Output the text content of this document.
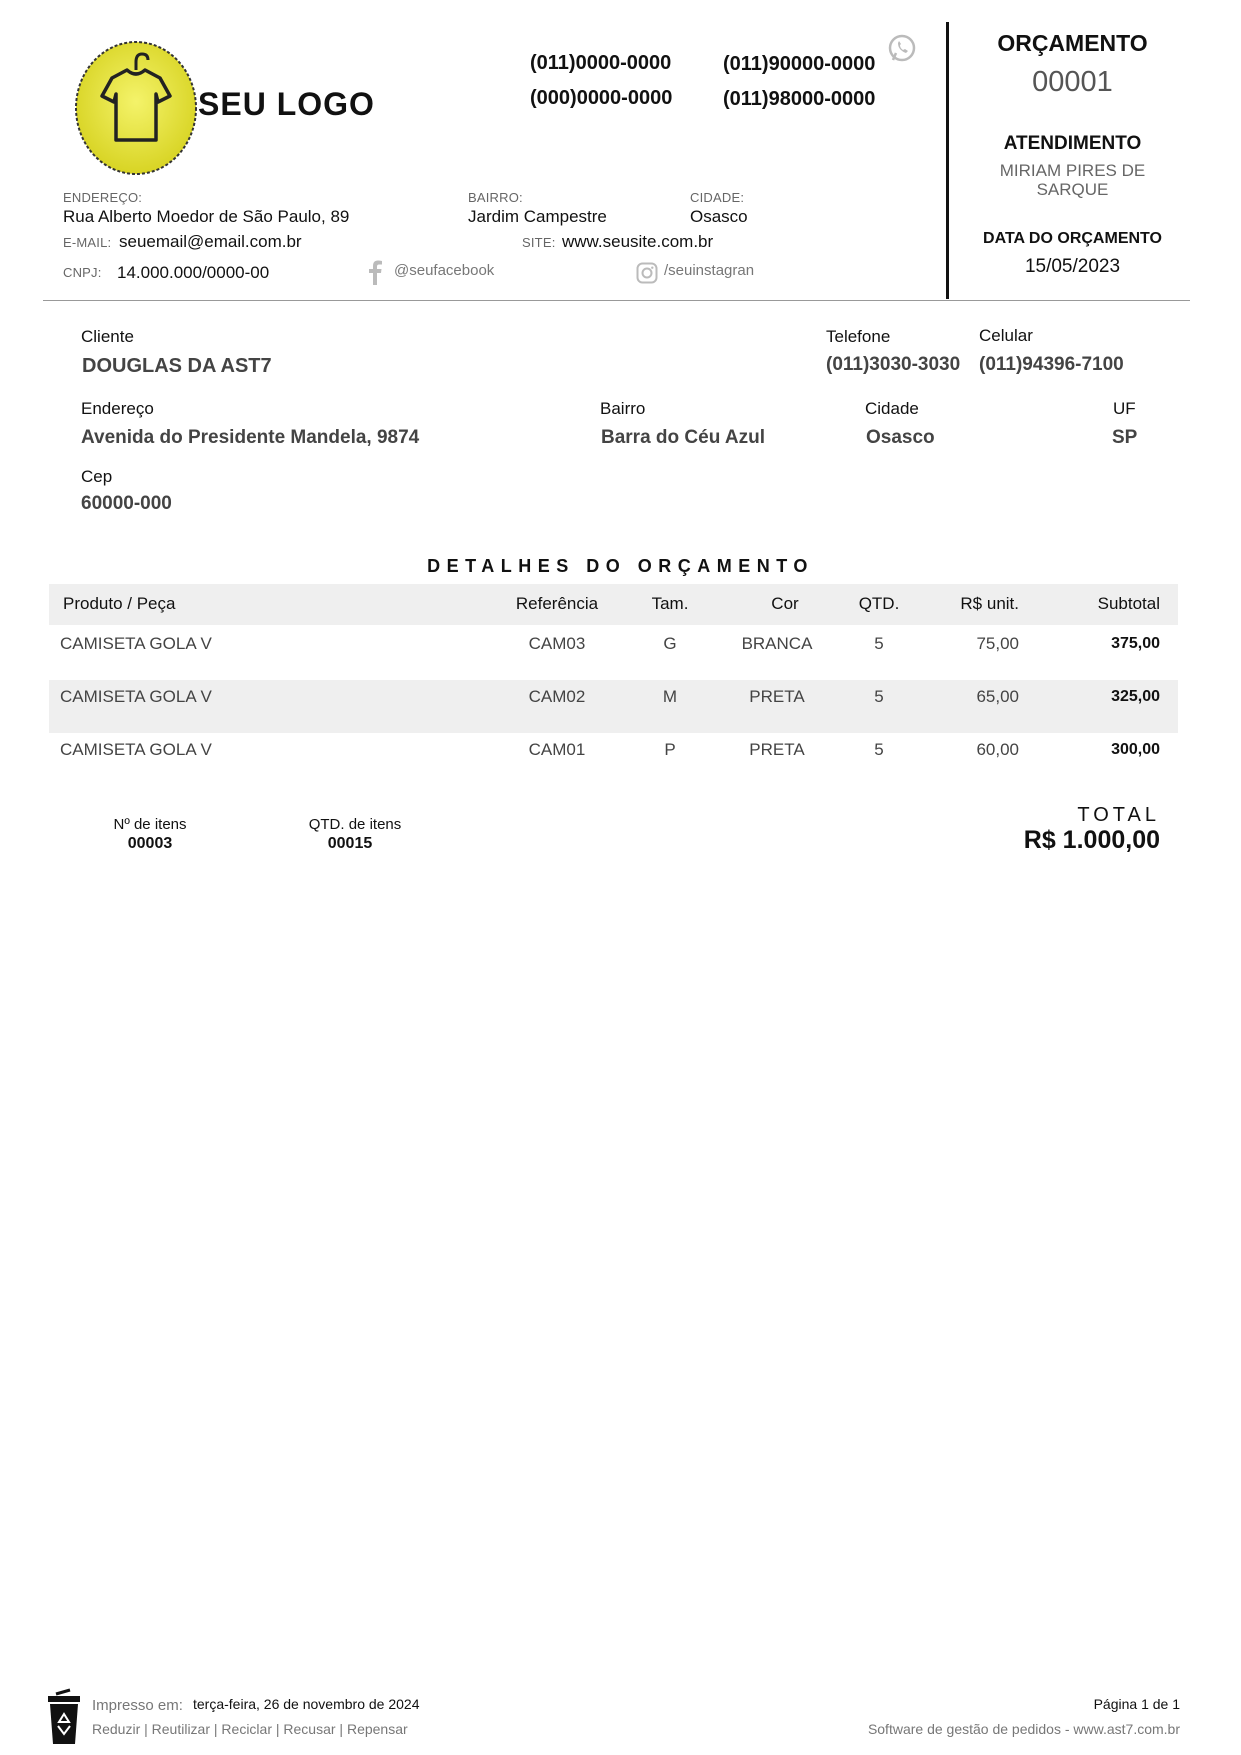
SEU LOGO
(011)0000-0000
(000)0000-0000
(011)90000-0000
(011)98000-0000
ORÇAMENTO
00001
ATENDIMENTO
MIRIAM PIRES DE
SARQUE
DATA DO ORÇAMENTO
15/05/2023
ENDEREÇO:
Rua Alberto Moedor de São Paulo, 89
BAIRRO:
Jardim Campestre
CIDADE:
Osasco
E-MAIL: seuemail@email.com.br	SITE: www.seusite.com.br
CNPJ: 14.000.000/0000-00	@seufacebook	/seuinstagran
Cliente
DOUGLAS DA AST7
Telefone
(011)3030-3030
Celular
(011)94396-7100
Endereço
Avenida do Presidente Mandela, 9874
Bairro
Barra do Céu Azul
Cidade
Osasco
UF
SP
Cep
60000-000
DETALHES DO ORÇAMENTO
Produto / Peça	Referência	Tam.	Cor	QTD.	R$ unit.	Subtotal
CAMISETA GOLA V	CAM03	G	BRANCA	5	75,00	375,00
CAMISETA GOLA V	CAM02	M	PRETA	5	65,00	325,00
CAMISETA GOLA V	CAM01	P	PRETA	5	60,00	300,00
Nº de itens
00003
QTD. de itens
00015
TOTAL
R$ 1.000,00
Impresso em: terça-feira, 26 de novembro de 2024
Reduzir | Reutilizar | Reciclar | Recusar | Repensar
Página 1 de 1
Software de gestão de pedidos - www.ast7.com.br
